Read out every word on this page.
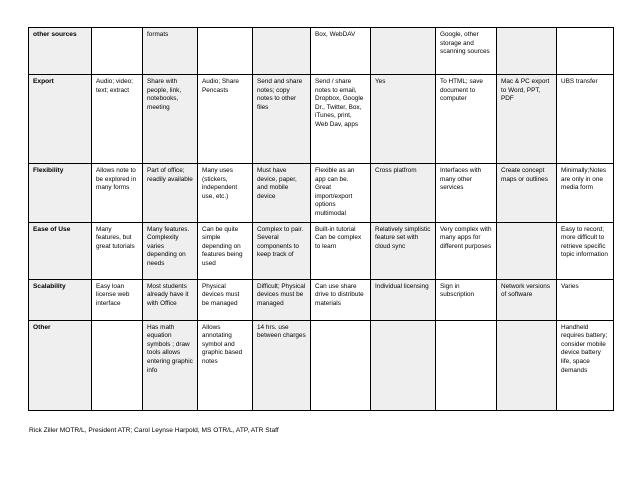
other sources		formats			Box, WebDAV		Google, other storage and scanning sources		
Export	Audio; video; text; extract	Share with people, link, notebooks, meeting	Audio; Share Pencasts	Send and share notes; copy notes to other files	Send / share notes to email, Dropbox, Google Dr., Twitter, Box, iTunes, print, Web Dav, apps	Yes	To HTML; save document to computer	Mac & PC export to Word, PPT, PDF	UBS transfer
Flexibility	Allows note to be explored in many forms	Part of office; readily available	Many uses (stickers, independent use, etc.)	Must have device, paper, and mobile device	Flexible as an app can be. Great import/export options multimodal	Cross platfrom	Interfaces with many other services	Create concept maps or outlines	Minimally;Notes are only in one media form
Ease of Use	Many features, but great tutorials	Many features. Complexity varies depending on needs	Can be quite simple depending on features being used	Complex to pair. Several components to keep track of	Built-in tutorial Can be complex to learn	Relatively simplistic feature set with cloud sync	Very complex with many apps for different purposes		Easy to record; more difficult to retrieve specific topic information
Scalability	Easy loan license web interface	Most students already have it with Office	Physical devices must be managed	Difficult; Physical devices must be managed	Can use share drive to distribute materials	Individual licensing	Sign in subscription	Network versions of software	Varies
Other		Has math equation symbols ; draw tools allows entering graphic info	Allows annotating symbol and graphic based notes	14 hrs. use between charges					Handheld requires battery; consider mobile device battery life, space demands
Rick Ziller MOTR/L, President ATR; Carol Leynse Harpold, MS OTR/L, ATP, ATR Staff
